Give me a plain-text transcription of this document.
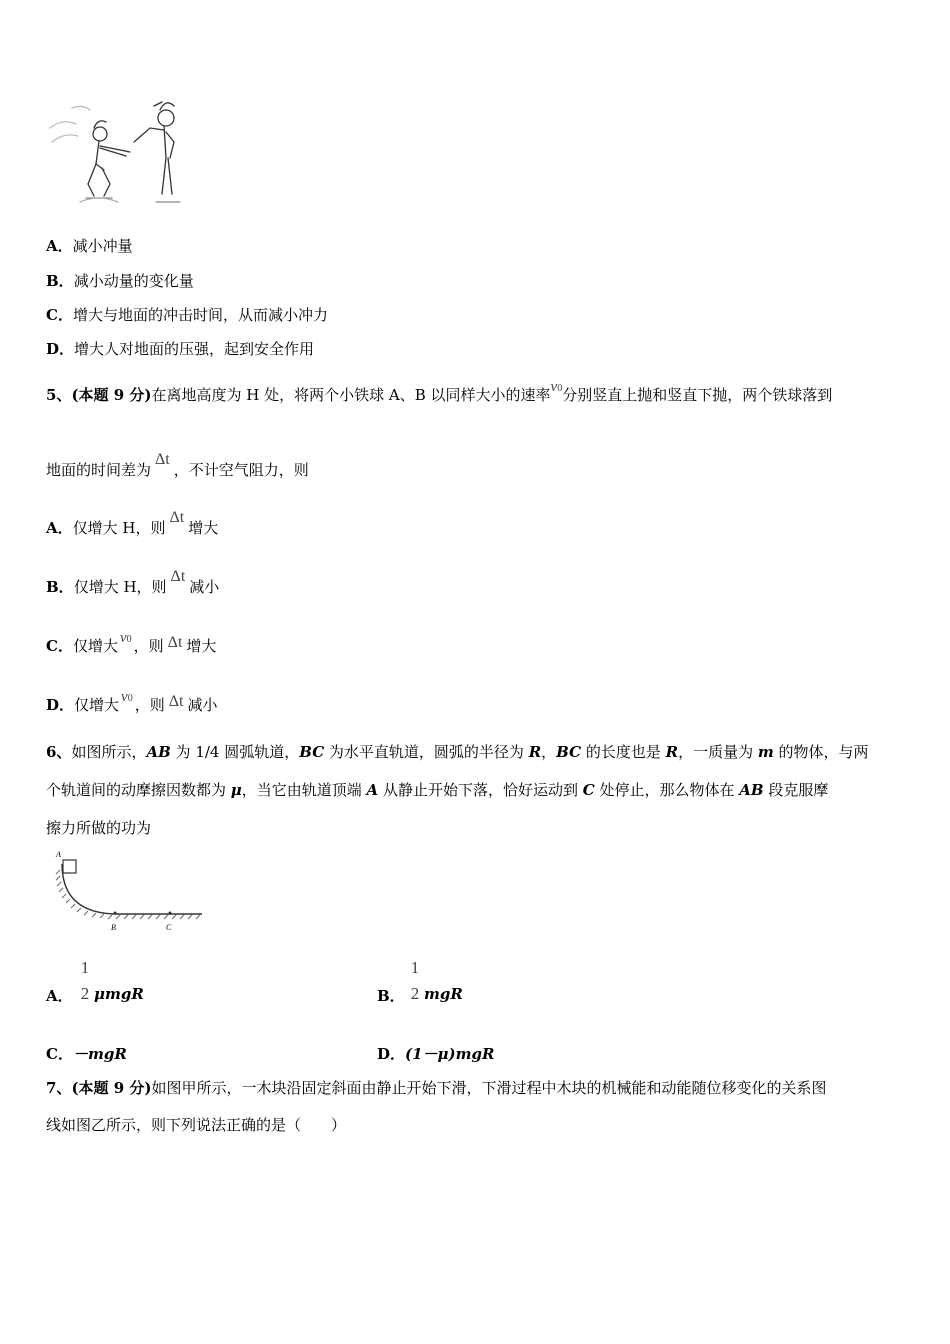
A．减小冲量
B．减小动量的变化量
C．增大与地面的冲击时间，从而减小冲力
D．增大人对地面的压强，起到安全作用
5、(本题 9 分)在离地高度为 H 处，将两个小铁球 A、B 以同样大小的速率v0分别竖直上抛和竖直下抛，两个铁球落到
地面的时间差为Δt，不计空气阻力，则
A．仅增大 H，则Δt增大
B．仅增大 H，则Δt减小
C．仅增大 v0 ，则 Δt 增大
D．仅增大 v0 ，则 Δt 减小
6、如图所示，AB 为 1/4 圆弧轨道，BC 为水平直轨道，圆弧的半径为 R，BC 的长度也是 R，一质量为 m 的物体，与两
个轨道间的动摩擦因数都为 μ，当它由轨道顶端 A 从静止开始下落，恰好运动到 C 处停止，那么物体在 AB 段克服摩
擦力所做的功为
A
B	C
1
2
A． μmgR
1
2
B． mgR
C．－mgR	D．(1－μ)mgR
7、(本题 9 分)如图甲所示，一木块沿固定斜面由静止开始下滑，下滑过程中木块的机械能和动能随位移变化的关系图
线如图乙所示，则下列说法正确的是（　　）
